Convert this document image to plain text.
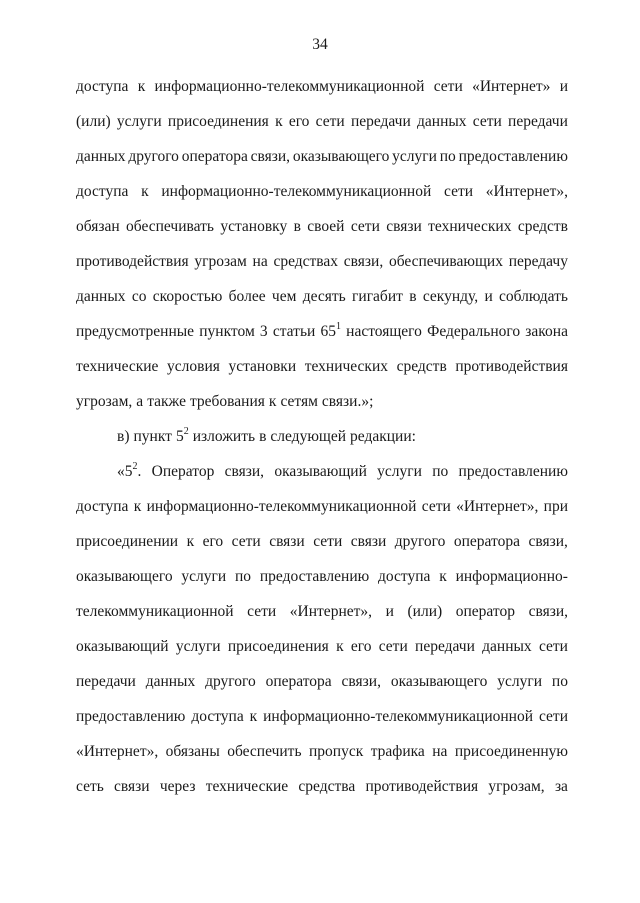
34
доступа к информационно-телекоммуникационной сети «Интернет» и
(или) услуги присоединения к его сети передачи данных сети передачи
данных другого оператора связи, оказывающего услуги по предоставлению
доступа к информационно-телекоммуникационной сети «Интернет»,
обязан обеспечивать установку в своей сети связи технических средств
противодействия угрозам на средствах связи, обеспечивающих передачу
данных со скоростью более чем десять гигабит в секунду, и соблюдать
предусмотренные пунктом 3 статьи $65^1$ настоящего Федерального закона
технические условия установки технических средств противодействия
угрозам, а также требования к сетям связи.»;
в) пункт $5^2$ изложить в следующей редакции:
«$5^2$. Оператор связи, оказывающий услуги по предоставлению
доступа к информационно-телекоммуникационной сети «Интернет», при
присоединении к его сети связи сети связи другого оператора связи,
оказывающего услуги по предоставлению доступа к информационно-
телекоммуникационной сети «Интернет», и (или) оператор связи,
оказывающий услуги присоединения к его сети передачи данных сети
передачи данных другого оператора связи, оказывающего услуги по
предоставлению доступа к информационно-телекоммуникационной сети
«Интернет», обязаны обеспечить пропуск трафика на присоединенную
сеть связи через технические средства противодействия угрозам, за
